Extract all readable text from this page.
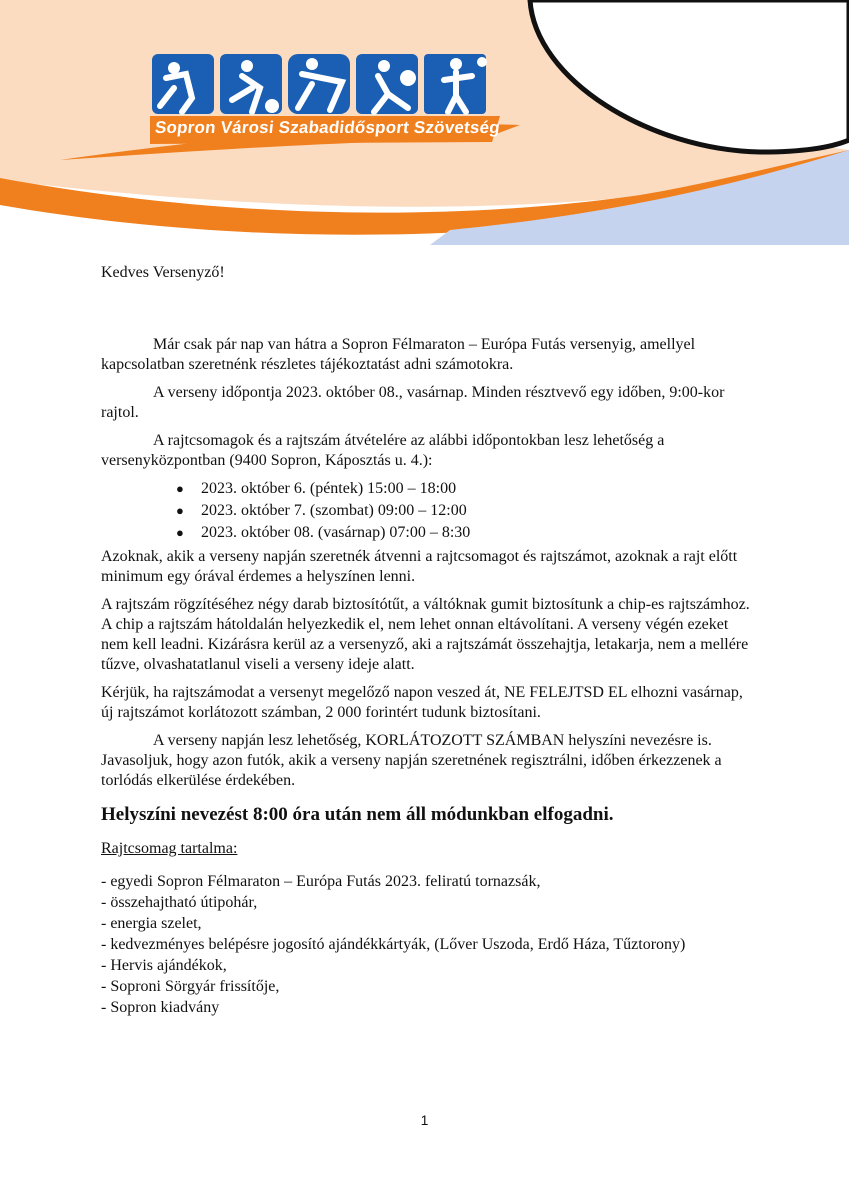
Sopron Városi Szabadidősport Szövetség

Kedves Versenyző!

Már csak pár nap van hátra a Sopron Félmaraton – Európa Futás versenyig, amellyel kapcsolatban szeretnénk részletes tájékoztatást adni számotokra.

A verseny időpontja 2023. október 08., vasárnap. Minden résztvevő egy időben, 9:00-kor rajtol.

A rajtcsomagok és a rajtszám átvételére az alábbi időpontokban lesz lehetőség a versenyközpontban (9400 Sopron, Káposztás u. 4.):

● 2023. október 6. (péntek) 15:00 – 18:00
● 2023. október 7. (szombat) 09:00 – 12:00
● 2023. október 08. (vasárnap) 07:00 – 8:30

Azoknak, akik a verseny napján szeretnék átvenni a rajtcsomagot és rajtszámot, azoknak a rajt előtt minimum egy órával érdemes a helyszínen lenni.

A rajtszám rögzítéséhez négy darab biztosítótűt, a váltóknak gumit biztosítunk a chip-es rajtszámhoz. A chip a rajtszám hátoldalán helyezkedik el, nem lehet onnan eltávolítani. A verseny végén ezeket nem kell leadni. Kizárásra kerül az a versenyző, aki a rajtszámát összehajtja, letakarja, nem a mellére tűzve, olvashatatlanul viseli a verseny ideje alatt.

Kérjük, ha rajtszámodat a versenyt megelőző napon veszed át, NE FELEJTSD EL elhozni vasárnap, új rajtszámot korlátozott számban, 2 000 forintért tudunk biztosítani.

A verseny napján lesz lehetőség, KORLÁTOZOTT SZÁMBAN helyszíni nevezésre is. Javasoljuk, hogy azon futók, akik a verseny napján szeretnének regisztrálni, időben érkezzenek a torlódás elkerülése érdekében.

Helyszíni nevezést 8:00 óra után nem áll módunkban elfogadni.

Rajtcsomag tartalma:

- egyedi Sopron Félmaraton – Európa Futás 2023. feliratú tornazsák,
- összehajtható útipohár,
- energia szelet,
- kedvezményes belépésre jogosító ajándékkártyák, (Lőver Uszoda, Erdő Háza, Tűztorony)
- Hervis ajándékok,
- Soproni Sörgyár frissítője,
- Sopron kiadvány
1
